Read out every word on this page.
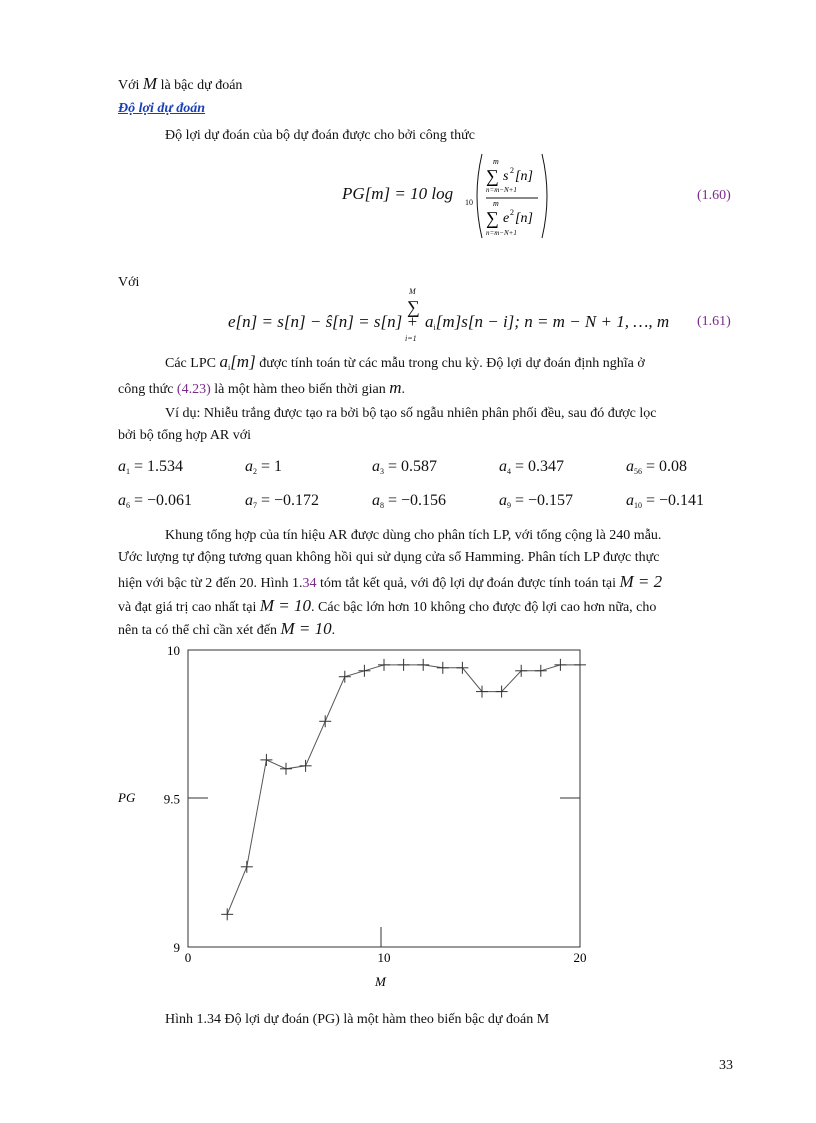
Với M là bậc dự đoán
Độ lợi dự đoán
Độ lợi dự đoán của bộ dự đoán được cho bởi công thức
PG[m] = 10 log 10
m
∑ s 2 [n]
n=m−N+1
m
∑ e 2 [n]
n=m−N+1
(1.60)
Với
e[n] = s[n] − ŝ[n] = s[n] +
∑
M
i=1
$a_i[m]s[n - i]$; n = m − N + 1, …, m (1.61)
Các LPC $a_i[m]$ được tính toán từ các mẫu trong chu kỳ. Độ lợi dự đoán định nghĩa ở
công thức (4.23) là một hàm theo biến thời gian m.
Ví dụ: Nhiễu trắng được tạo ra bởi bộ tạo số ngẫu nhiên phân phối đều, sau đó được lọc
bởi bộ tổng hợp AR với
$a_1 = 1.534$	$a_2 = 1$	$a_3 = 0.587$	$a_4 = 0.347$	$a_{56} = 0.08$
$a_6 = -0.061$	$a_7 = -0.172$	$a_8 = -0.156$	$a_9 = -0.157$	$a_{10} = -0.141$
Khung tổng hợp của tín hiệu AR được dùng cho phân tích LP, với tổng cộng là 240 mẫu.
Ước lượng tự động tương quan không hồi qui sử dụng cửa sổ Hamming. Phân tích LP được thực
hiện với bậc từ 2 đến 20. Hình 1.34 tóm tắt kết quả, với độ lợi dự đoán được tính toán tại M = 2
và đạt giá trị cao nhất tại M = 10. Các bậc lớn hơn 10 không cho được độ lợi cao hơn nữa, cho
nên ta có thể chỉ cần xét đến M = 10.
9
9.5
10
0	10	20
PG
M
Hình 1.34 Độ lợi dự đoán (PG) là một hàm theo biến bậc dự đoán M
33
